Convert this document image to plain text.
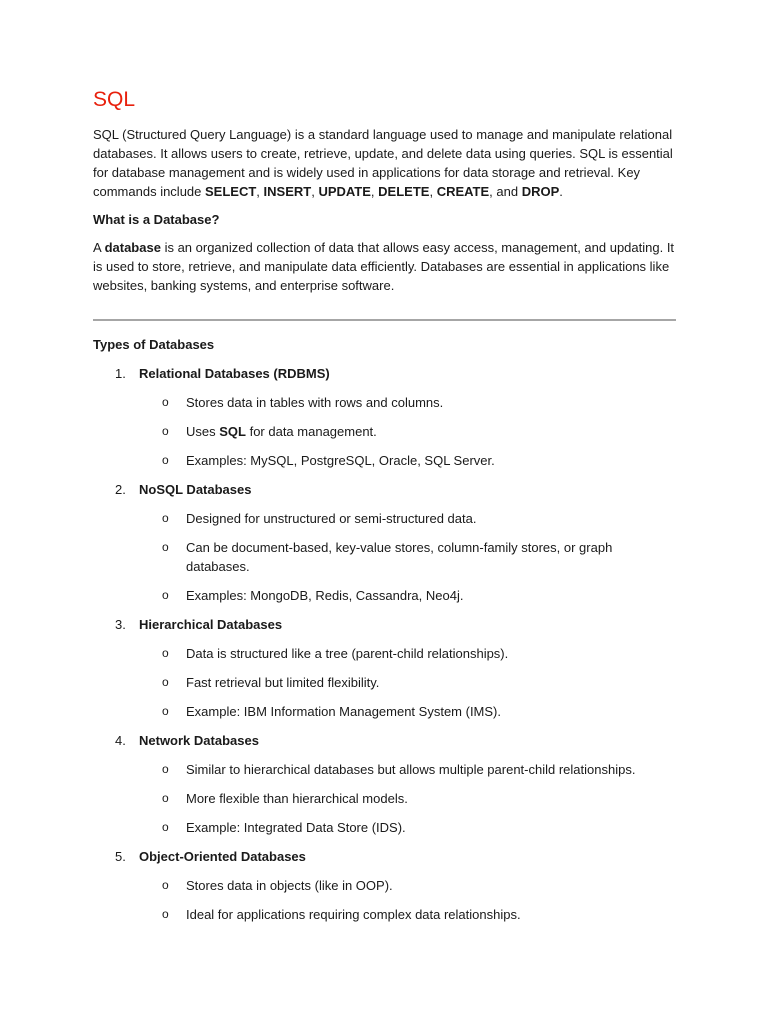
SQL

SQL (Structured Query Language) is a standard language used to manage and manipulate relational databases. It allows users to create, retrieve, update, and delete data using queries. SQL is essential for database management and is widely used in applications for data storage and retrieval. Key commands include SELECT, INSERT, UPDATE, DELETE, CREATE, and DROP.

What is a Database?

A database is an organized collection of data that allows easy access, management, and updating. It is used to store, retrieve, and manipulate data efficiently. Databases are essential in applications like websites, banking systems, and enterprise software.

Types of Databases
1. Relational Databases (RDBMS)
o Stores data in tables with rows and columns.
o Uses SQL for data management.
o Examples: MySQL, PostgreSQL, Oracle, SQL Server.
2. NoSQL Databases
o Designed for unstructured or semi-structured data.
o Can be document-based, key-value stores, column-family stores, or graph databases.
o Examples: MongoDB, Redis, Cassandra, Neo4j.
3. Hierarchical Databases
o Data is structured like a tree (parent-child relationships).
o Fast retrieval but limited flexibility.
o Example: IBM Information Management System (IMS).
4. Network Databases
o Similar to hierarchical databases but allows multiple parent-child relationships.
o More flexible than hierarchical models.
o Example: Integrated Data Store (IDS).
5. Object-Oriented Databases
o Stores data in objects (like in OOP).
o Ideal for applications requiring complex data relationships.
